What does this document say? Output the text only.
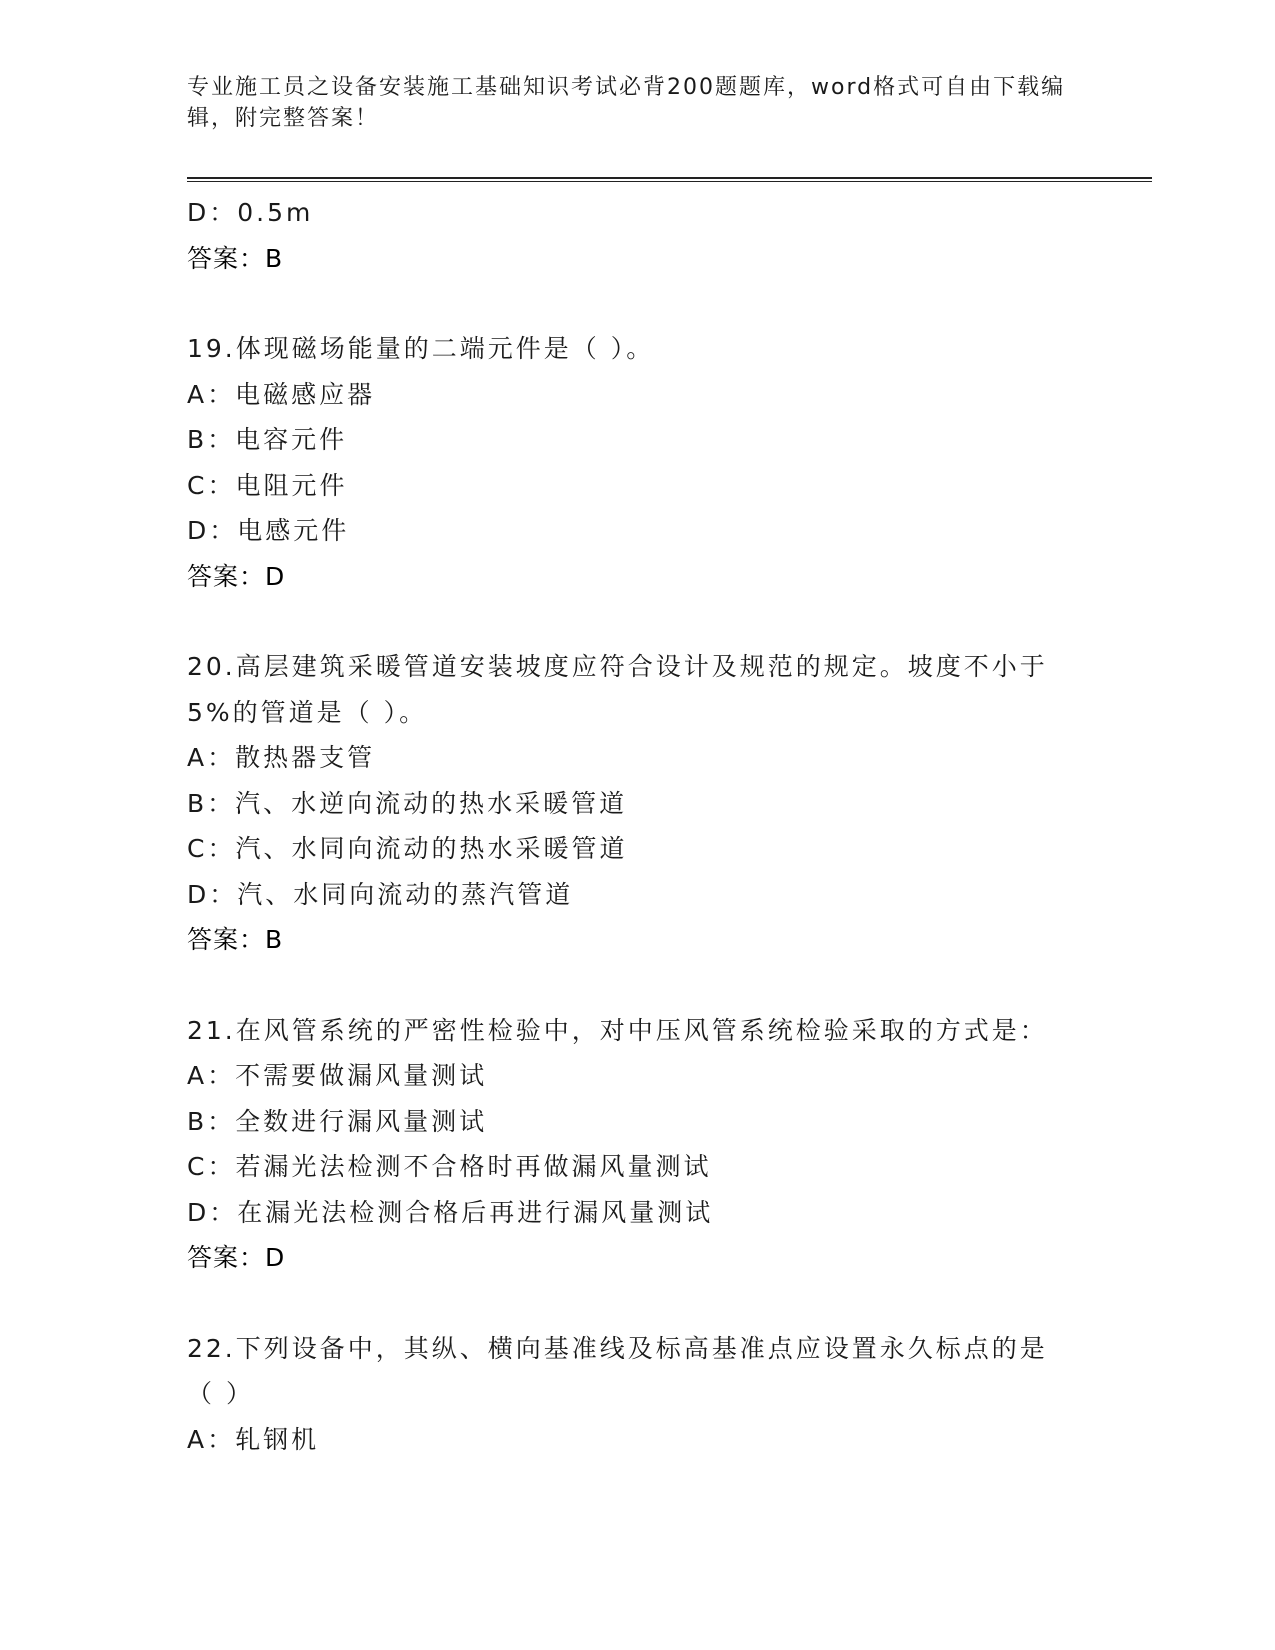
专业施工员之设备安装施工基础知识考试必背200题题库，word格式可自由下载编辑，附完整答案！
D：0.5m
答案：B
19.体现磁场能量的二端元件是（ ）。
A：电磁感应器
B：电容元件
C：电阻元件
D：电感元件
答案：D
20.高层建筑采暖管道安装坡度应符合设计及规范的规定。坡度不小于
5%的管道是（ ）。
A：散热器支管
B：汽、水逆向流动的热水采暖管道
C：汽、水同向流动的热水采暖管道
D：汽、水同向流动的蒸汽管道
答案：B
21.在风管系统的严密性检验中，对中压风管系统检验采取的方式是：
A：不需要做漏风量测试
B：全数进行漏风量测试
C：若漏光法检测不合格时再做漏风量测试
D：在漏光法检测合格后再进行漏风量测试
答案：D
22.下列设备中，其纵、横向基准线及标高基准点应设置永久标点的是
（ ）
A：轧钢机
